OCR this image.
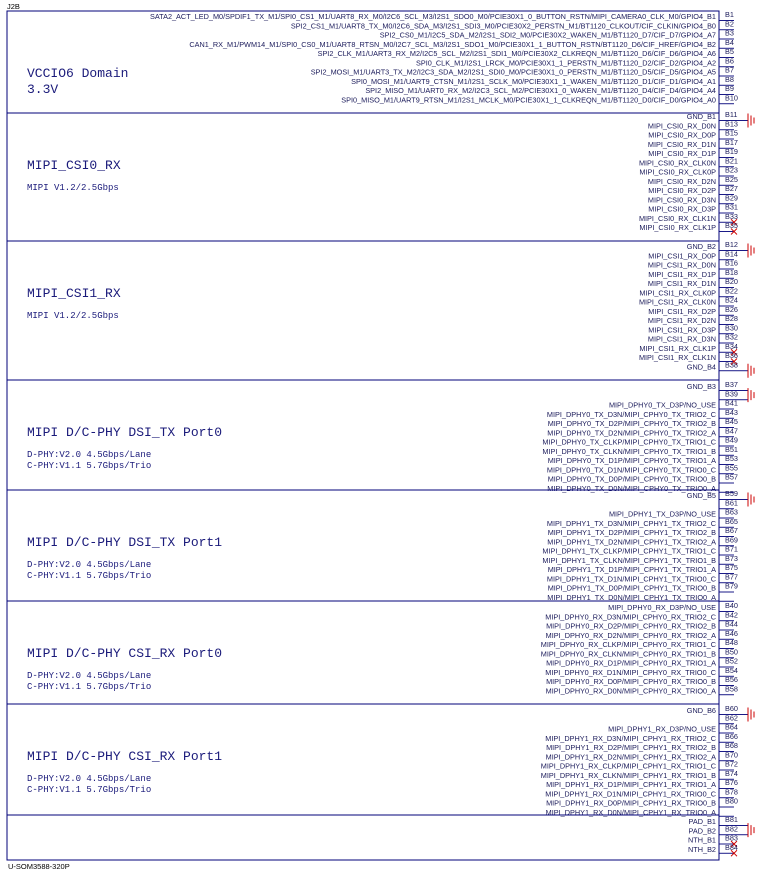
J2B
U-SOM3588-320P
VCCIO6 Domain
3.3V
SATA2_ACT_LED_M0/SPDIF1_TX_M1/SPI0_CS1_M1/UART8_RX_M0/I2C6_SCL_M3/I2S1_SDO0_M0/PCIE30X1_0_BUTTON_RSTN/MIPI_CAMERA0_CLK_M0/GPIO4_B1 B1
SPI2_CS1_M1/UART8_TX_M0/I2C6_SDA_M3/I2S1_SDI3_M0/PCIE30X2_PERSTN_M1/BT1120_CLKOUT/CIF_CLKIN/GPIO4_B0 B2
SPI2_CS0_M1/I2C5_SDA_M2/I2S1_SDI2_M0/PCIE30X2_WAKEN_M1/BT1120_D7/CIF_D7/GPIO4_A7 B3
CAN1_RX_M1/PWM14_M1/SPI0_CS0_M1/UART8_RTSN_M0/I2C7_SCL_M3/I2S1_SDO1_M0/PCIE30X1_1_BUTTON_RSTN/BT1120_D6/CIF_HREF/GPIO4_B2 B4
SPI2_CLK_M1/UART3_RX_M2/I2C5_SCL_M2/I2S1_SDI1_M0/PCIE30X2_CLKREQN_M1/BT1120_D6/CIF_D6/GPIO4_A6 B5
SPI0_CLK_M1/I2S1_LRCK_M0/PCIE30X1_1_PERSTN_M1/BT1120_D2/CIF_D2/GPIO4_A2 B6
SPI2_MOSI_M1/UART3_TX_M2/I2C3_SDA_M2/I2S1_SDI0_M0/PCIE30X1_0_PERSTN_M1/BT1120_D5/CIF_D5/GPIO4_A5 B7
SPI0_MOSI_M1/UART9_CTSN_M1/I2S1_SCLK_M0/PCIE30X1_1_WAKEN_M1/BT1120_D1/CIF_D1/GPIO4_A1 B8
SPI2_MISO_M1/UART0_RX_M2/I2C3_SCL_M2/PCIE30X1_0_WAKEN_M1/BT1120_D4/CIF_D4/GPIO4_A4 B9
SPI0_MISO_M1/UART9_RTSN_M1/I2S1_MCLK_M0/PCIE30X1_1_CLKREQN_M1/BT1120_D0/CIF_D0/GPIO4_A0 B10
MIPI_CSI0_RX
MIPI V1.2/2.5Gbps
GND_B1 B11
MIPI_CSI0_RX_D0N B13
MIPI_CSI0_RX_D0P B15
MIPI_CSI0_RX_D1N B17
MIPI_CSI0_RX_D1P B19
MIPI_CSI0_RX_CLK0N B21
MIPI_CSI0_RX_CLK0P B23
MIPI_CSI0_RX_D2N B25
MIPI_CSI0_RX_D2P B27
MIPI_CSI0_RX_D3N B29
MIPI_CSI0_RX_D3P B31
MIPI_CSI0_RX_CLK1N B33
MIPI_CSI0_RX_CLK1P B35
MIPI_CSI1_RX
MIPI V1.2/2.5Gbps
GND_B2 B12
MIPI_CSI1_RX_D0P B14
MIPI_CSI1_RX_D0N B16
MIPI_CSI1_RX_D1P B18
MIPI_CSI1_RX_D1N B20
MIPI_CSI1_RX_CLK0P B22
MIPI_CSI1_RX_CLK0N B24
MIPI_CSI1_RX_D2P B26
MIPI_CSI1_RX_D2N B28
MIPI_CSI1_RX_D3P B30
MIPI_CSI1_RX_D3N B32
MIPI_CSI1_RX_CLK1P B34
MIPI_CSI1_RX_CLK1N B36
GND_B4 B38
MIPI D/C-PHY DSI_TX Port0
D-PHY:V2.0 4.5Gbps/Lane
C-PHY:V1.1 5.7Gbps/Trio
GND_B3 B37
B39
MIPI_DPHY0_TX_D3P/NO_USE B41
MIPI_DPHY0_TX_D3N/MIPI_CPHY0_TX_TRIO2_C B43
MIPI_DPHY0_TX_D2P/MIPI_CPHY0_TX_TRIO2_B B45
MIPI_DPHY0_TX_D2N/MIPI_CPHY0_TX_TRIO2_A B47
MIPI_DPHY0_TX_CLKP/MIPI_CPHY0_TX_TRIO1_C B49
MIPI_DPHY0_TX_CLKN/MIPI_CPHY0_TX_TRIO1_B B51
MIPI_DPHY0_TX_D1P/MIPI_CPHY0_TX_TRIO1_A B53
MIPI_DPHY0_TX_D1N/MIPI_CPHY0_TX_TRIO0_C B55
MIPI_DPHY0_TX_D0P/MIPI_CPHY0_TX_TRIO0_B B57
MIPI_DPHY0_TX_D0N/MIPI_CPHY0_TX_TRIO0_A
MIPI D/C-PHY DSI_TX Port1
D-PHY:V2.0 4.5Gbps/Lane
C-PHY:V1.1 5.7Gbps/Trio
GND_B5 B59
B61
MIPI_DPHY1_TX_D3P/NO_USE B63
MIPI_DPHY1_TX_D3N/MIPI_CPHY1_TX_TRIO2_C B65
MIPI_DPHY1_TX_D2P/MIPI_CPHY1_TX_TRIO2_B B67
MIPI_DPHY1_TX_D2N/MIPI_CPHY1_TX_TRIO2_A B69
MIPI_DPHY1_TX_CLKP/MIPI_CPHY1_TX_TRIO1_C B71
MIPI_DPHY1_TX_CLKN/MIPI_CPHY1_TX_TRIO1_B B73
MIPI_DPHY1_TX_D1P/MIPI_CPHY1_TX_TRIO1_A B75
MIPI_DPHY1_TX_D1N/MIPI_CPHY1_TX_TRIO0_C B77
MIPI_DPHY1_TX_D0P/MIPI_CPHY1_TX_TRIO0_B B79
MIPI_DPHY1_TX_D0N/MIPI_CPHY1_TX_TRIO0_A
MIPI D/C-PHY CSI_RX Port0
D-PHY:V2.0 4.5Gbps/Lane
C-PHY:V1.1 5.7Gbps/Trio
MIPI_DPHY0_RX_D3P/NO_USE B40
MIPI_DPHY0_RX_D3N/MIPI_CPHY0_RX_TRIO2_C B42
MIPI_DPHY0_RX_D2P/MIPI_CPHY0_RX_TRIO2_B B44
MIPI_DPHY0_RX_D2N/MIPI_CPHY0_RX_TRIO2_A B46
MIPI_DPHY0_RX_CLKP/MIPI_CPHY0_RX_TRIO1_C B48
MIPI_DPHY0_RX_CLKN/MIPI_CPHY0_RX_TRIO1_B B50
MIPI_DPHY0_RX_D1P/MIPI_CPHY0_RX_TRIO1_A B52
MIPI_DPHY0_RX_D1N/MIPI_CPHY0_RX_TRIO0_C B54
MIPI_DPHY0_RX_D0P/MIPI_CPHY0_RX_TRIO0_B B56
MIPI_DPHY0_RX_D0N/MIPI_CPHY0_RX_TRIO0_A B58
MIPI D/C-PHY CSI_RX Port1
D-PHY:V2.0 4.5Gbps/Lane
C-PHY:V1.1 5.7Gbps/Trio
GND_B6 B60
B62
MIPI_DPHY1_RX_D3P/NO_USE B64
MIPI_DPHY1_RX_D3N/MIPI_CPHY1_RX_TRIO2_C B66
MIPI_DPHY1_RX_D2P/MIPI_CPHY1_RX_TRIO2_B B68
MIPI_DPHY1_RX_D2N/MIPI_CPHY1_RX_TRIO2_A B70
MIPI_DPHY1_RX_CLKP/MIPI_CPHY1_RX_TRIO1_C B72
MIPI_DPHY1_RX_CLKN/MIPI_CPHY1_RX_TRIO1_B B74
MIPI_DPHY1_RX_D1P/MIPI_CPHY1_RX_TRIO1_A B76
MIPI_DPHY1_RX_D1N/MIPI_CPHY1_RX_TRIO0_C B78
MIPI_DPHY1_RX_D0P/MIPI_CPHY1_RX_TRIO0_B B80
MIPI_DPHY1_RX_D0N/MIPI_CPHY1_RX_TRIO0_A
PAD_B1 B81
PAD_B2 B82
NTH_B1 B83
NTH_B2 B84
